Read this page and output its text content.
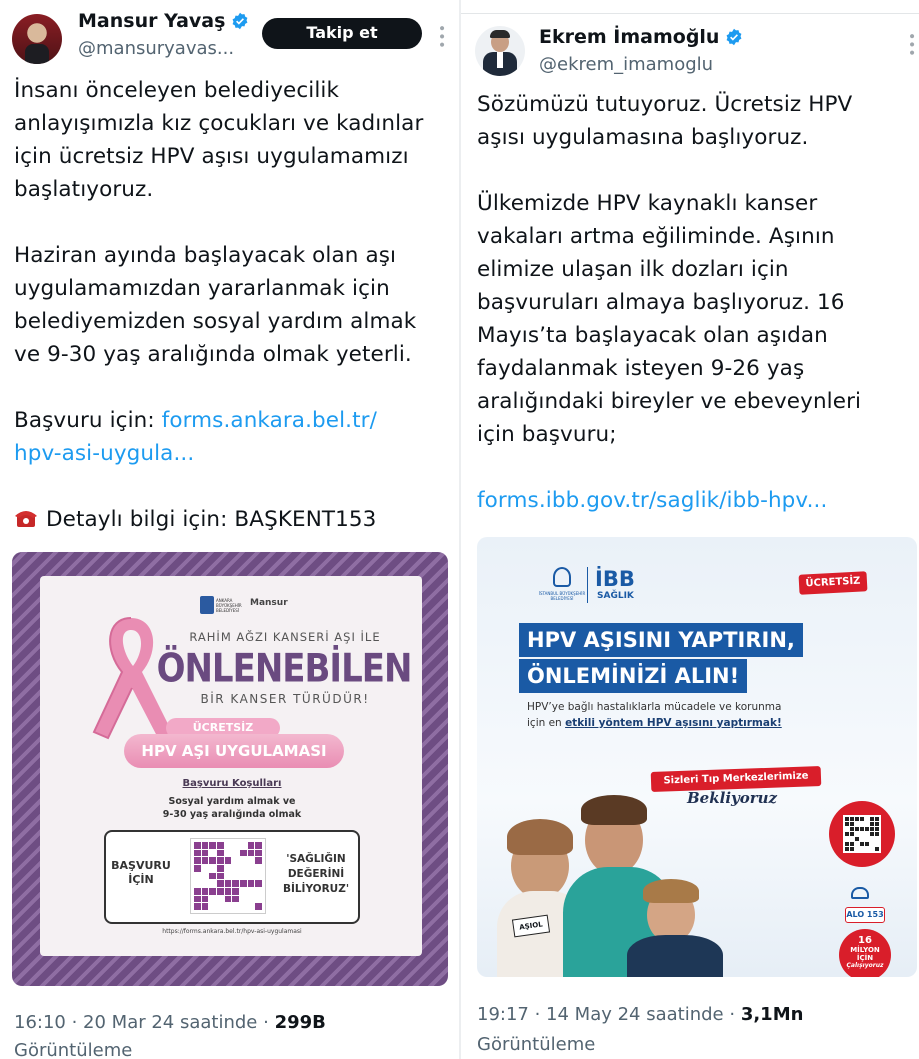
Mansur Yavaş
@mansuryavas...
Takip et	•••

İnsanı önceleyen belediyecilik

anlayışımızla kız çocukları ve kadınlar

için ücretsiz HPV aşısı uygulamamızı

başlatıyoruz.

Haziran ayında başlayacak olan aşı

uygulamamızdan yararlanmak için

belediyemizden sosyal yardım almak

ve 9-30 yaş aralığında olmak yeterli.

Başvuru için: forms.ankara.bel.tr/

hpv-asi-uygula...

Detaylı bilgi için: BAŞKENT153

ANKARA BÜYÜKŞEHİR BELEDİYESİ
Mansur
RAHİM AĞZI KANSERİ AŞI İLE
ÖNLENEBİLEN
BİR KANSER TÜRÜDÜR!
ÜCRETSİZ
HPV AŞI UYGULAMASI
Başvuru Koşulları
Sosyal yardım almak ve
9-30 yaş aralığında olmak
BAŞVURU
İÇİN
'SAĞLIĞIN
DEĞERİNİ
BİLİYORUZ'
https://forms.ankara.bel.tr/hpv-asi-uygulamasi
16:10 · 20 Mar 24 saatinde · 299B
Görüntüleme
Ekrem İmamoğlu
@ekrem_imamoglu
•••

Sözümüzü tutuyoruz. Ücretsiz HPV

aşısı uygulamasına başlıyoruz.

Ülkemizde HPV kaynaklı kanser

vakaları artma eğiliminde. Aşının

elimize ulaşan ilk dozları için

başvuruları almaya başlıyoruz. 16

Mayıs’ta başlayacak olan aşıdan

faydalanmak isteyen 9-26 yaş

aralığındaki bireyler ve ebeveynleri

için başvuru;

forms.ibb.gov.tr/saglik/ibb-hpv...

İSTANBUL BÜYÜKŞEHİR BELEDİYESİ
İBB
SAĞLIK
ÜCRETSİZ
HPV AŞISINI YAPTIRIN,
ÖNLEMİNİZİ ALIN!
HPV’ye bağlı hastalıklarla mücadele ve korunma
için en etkili yöntem HPV aşısını yaptırmak!
Sizleri Tıp Merkezlerimize
Bekliyoruz
AŞIOL
ALO 153
16
MİLYON
İÇİN
Çalışıyoruz
19:17 · 14 May 24 saatinde · 3,1Mn
Görüntüleme
